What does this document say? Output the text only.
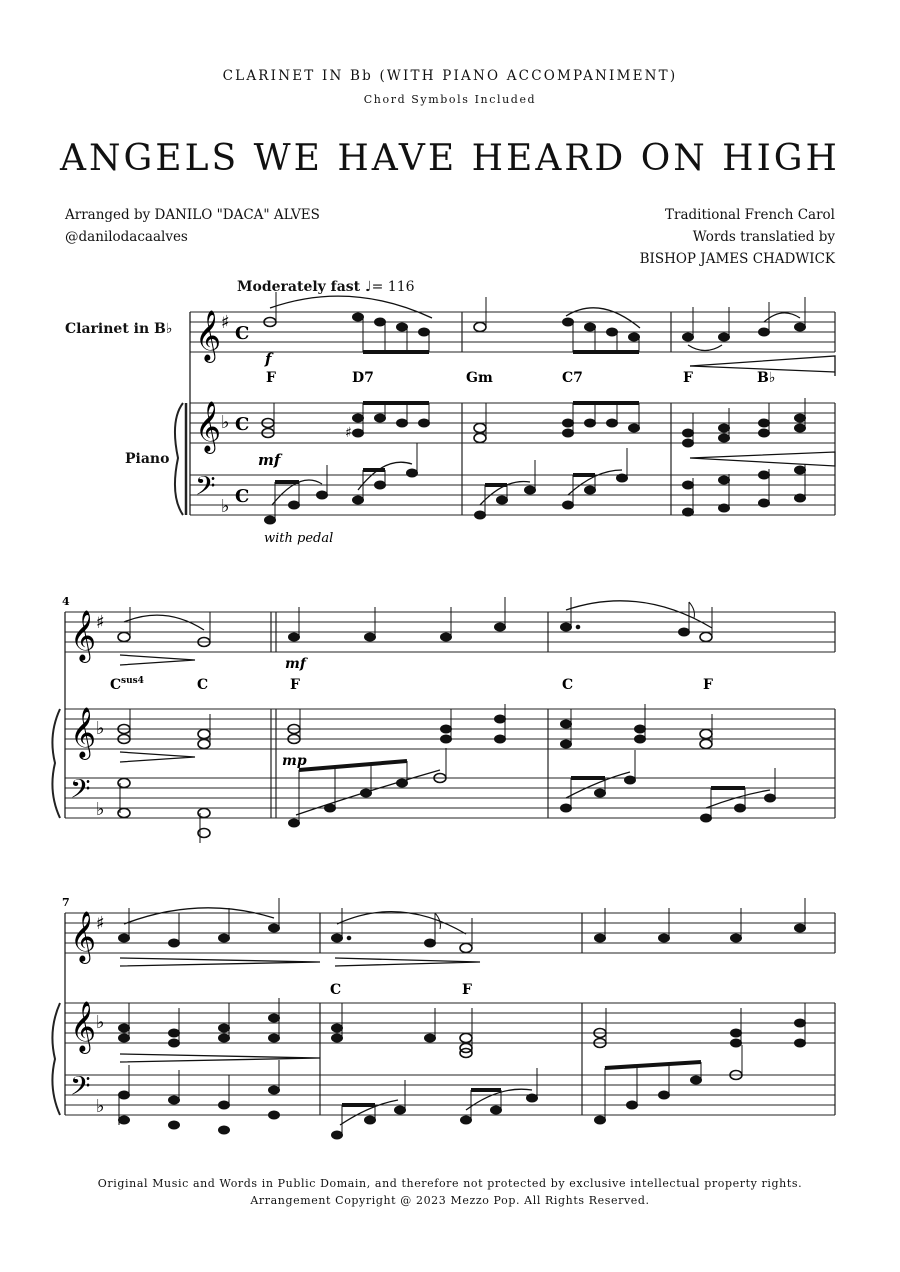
CLARINET IN Bb (WITH PIANO ACCOMPANIMENT)
Chord Symbols Included
ANGELS WE HAVE HEARD ON HIGH
Arranged by DANILO "DACA" ALVES
@danilodacaalves
Traditional French Carol
Words translatied by
BISHOP JAMES CHADWICK
Moderately fast ♩= 116
Clarinet in B♭
Piano
𝄞 ♯
C
𝄞 ♭ C
𝄢 ♭ C
♯
F	D7	Gm	C7	F	B♭
f
mf
with pedal
4
𝄞 ♯
𝄞 ♭
𝄢 ♭
C sus4	C	F	C	F
mf
mp
7
𝄞 ♯
𝄞 ♭
𝄢 ♭
C	F
Original Music and Words in Public Domain, and therefore not protected by exclusive intellectual property rights.
Arrangement Copyright @ 2023 Mezzo Pop. All Rights Reserved.
